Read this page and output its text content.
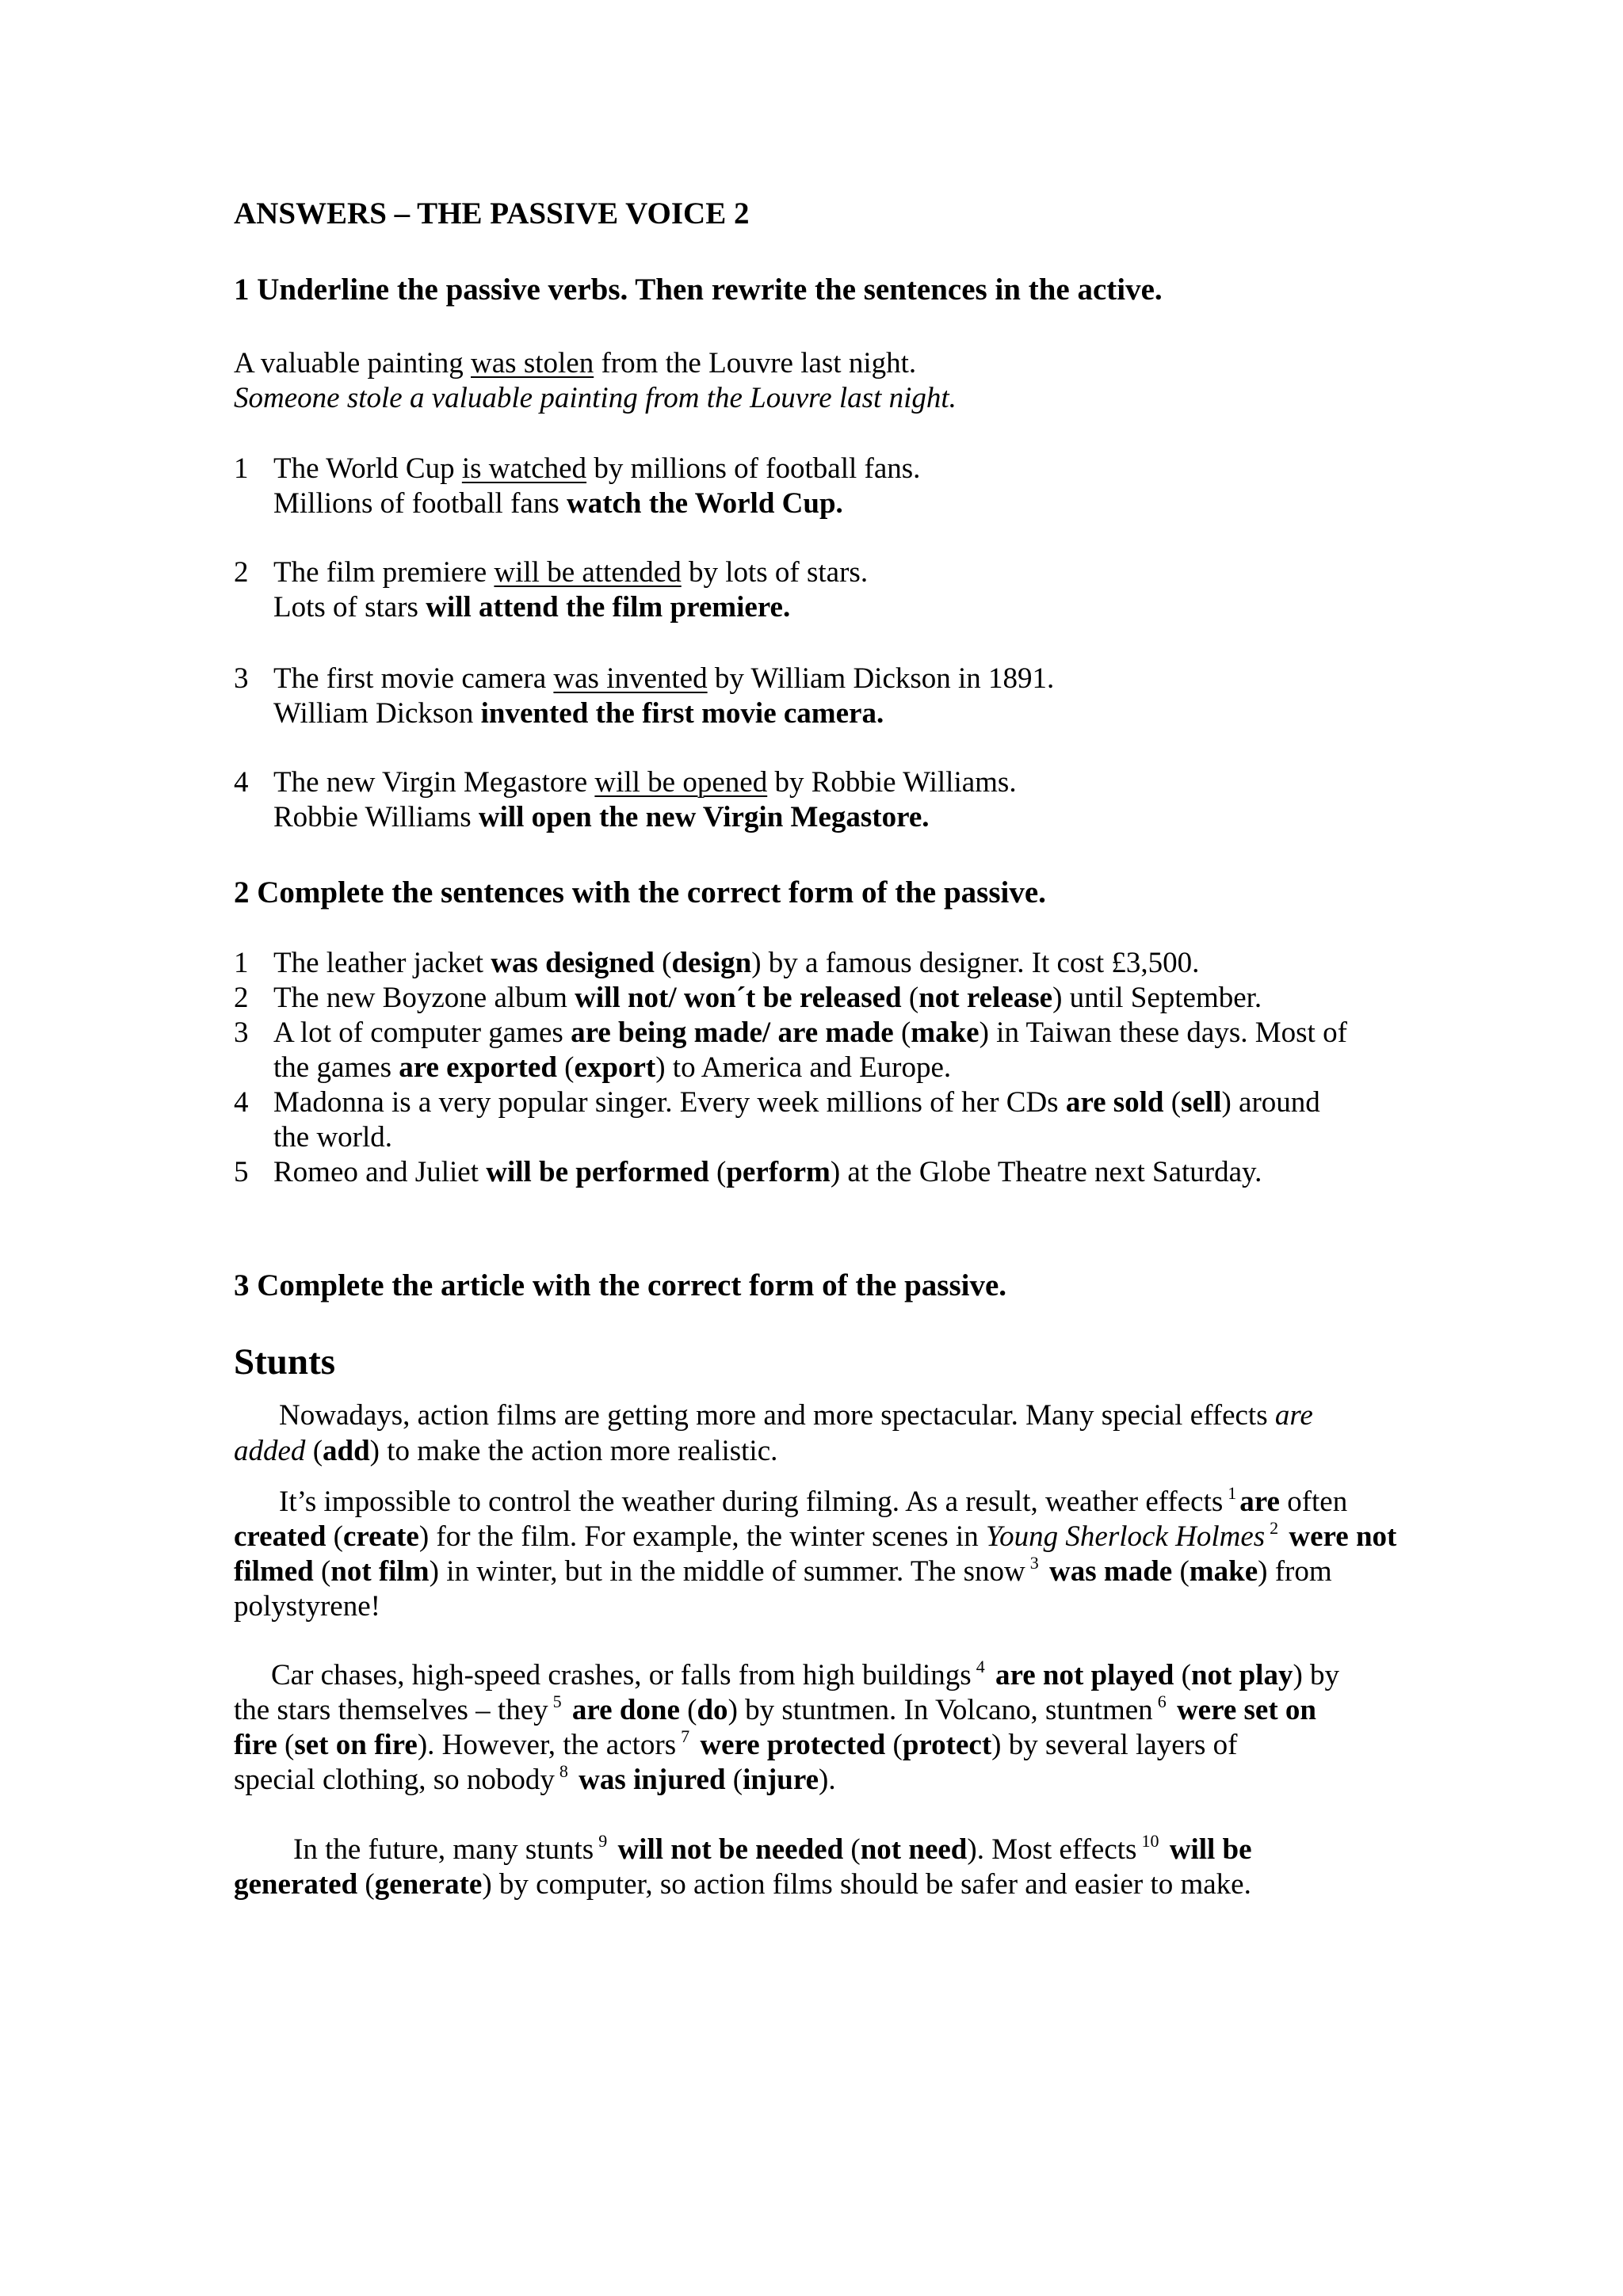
ANSWERS – THE PASSIVE VOICE 2
1 Underline the passive verbs. Then rewrite the sentences in the active.
A valuable painting was stolen from the Louvre last night.
Someone stole a valuable painting from the Louvre last night.
1 The World Cup is watched by millions of football fans.
Millions of football fans watch the World Cup.
2 The film premiere will be attended by lots of stars.
Lots of stars will attend the film premiere.
3 The first movie camera was invented by William Dickson in 1891.
William Dickson invented the first movie camera.
4 The new Virgin Megastore will be opened by Robbie Williams.
Robbie Williams will open the new Virgin Megastore.
2 Complete the sentences with the correct form of the passive.
1 The leather jacket was designed (design) by a famous designer. It cost £3,500.
2 The new Boyzone album will not/ won´t be released (not release) until September.
3 A lot of computer games are being made/ are made (make) in Taiwan these days. Most of
the games are exported (export) to America and Europe.
4 Madonna is a very popular singer. Every week millions of her CDs are sold (sell) around
the world.
5 Romeo and Juliet will be performed (perform) at the Globe Theatre next Saturday.
3 Complete the article with the correct form of the passive.
Stunts
Nowadays, action films are getting more and more spectacular. Many special effects are
added (add) to make the action more realistic.
It’s impossible to control the weather during filming. As a result, weather effects $^1$ are often
created (create) for the film. For example, the winter scenes in Young Sherlock Holmes $^2$ were not
filmed (not film) in winter, but in the middle of summer. The snow $^3$ was made (make) from
polystyrene!
Car chases, high-speed crashes, or falls from high buildings $^4$ are not played (not play) by
the stars themselves – they $^5$ are done (do) by stuntmen. In Volcano, stuntmen $^6$ were set on
fire (set on fire). However, the actors $^7$ were protected (protect) by several layers of
special clothing, so nobody $^8$ was injured (injure).
In the future, many stunts $^9$ will not be needed (not need). Most effects $^{10}$ will be
generated (generate) by computer, so action films should be safer and easier to make.
